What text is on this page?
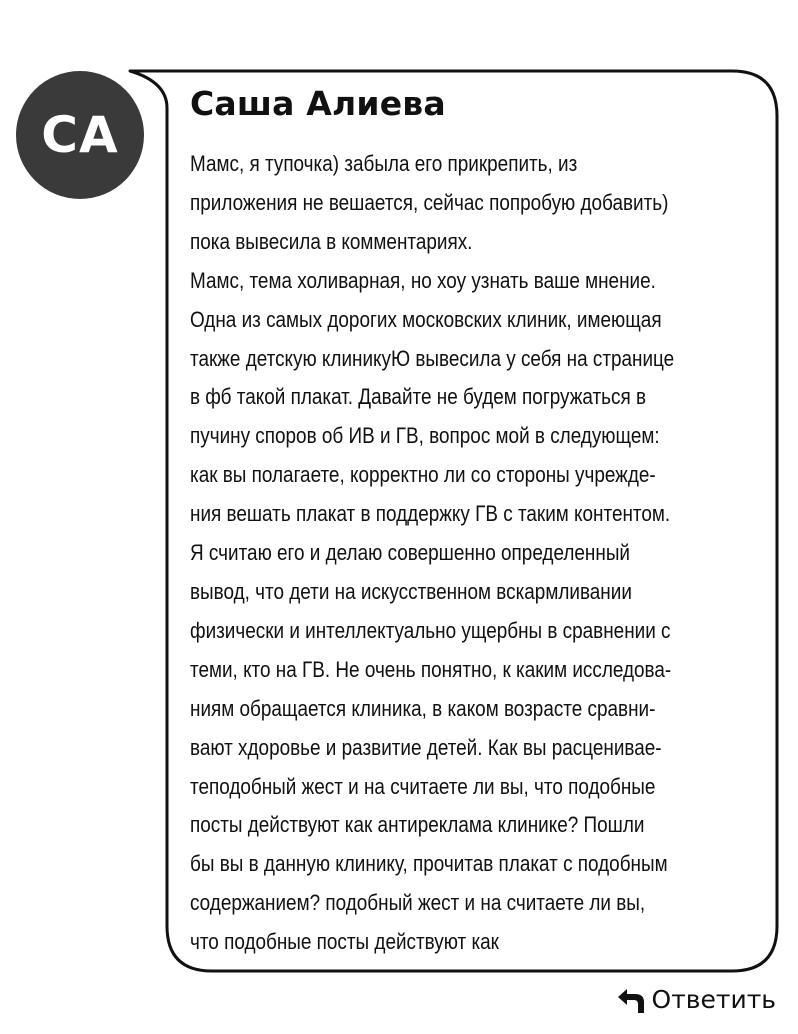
СА
Саша Алиева
Мамс, я тупочка) забыла его прикрепить, из
приложения не вешается, сейчас попробую добавить)
пока вывесила в комментариях.
Мамс, тема холиварная, но хоу узнать ваше мнение.
Одна из самых дорогих московских клиник, имеющая
также детскую клиникуЮ вывесила у себя на странице
в фб такой плакат. Давайте не будем погружаться в
пучину споров об ИВ и ГВ, вопрос мой в следующем:
как вы полагаете, корректно ли со стороны учрежде-
ния вешать плакат в поддержку ГВ с таким контентом.
Я считаю его и делаю совершенно определенный
вывод, что дети на искусственном вскармливании
физически и интеллектуально ущербны в сравнении с
теми, кто на ГВ. Не очень понятно, к каким исследова-
ниям обращается клиника, в каком возрасте сравни-
вают хдоровье и развитие детей. Как вы расценивае-
теподобный жест и на считаете ли вы, что подобные
посты действуют как антиреклама клинике? Пошли
бы вы в данную клинику, прочитав плакат с подобным
содержанием? подобный жест и на считаете ли вы,
что подобные посты действуют как
Ответить
